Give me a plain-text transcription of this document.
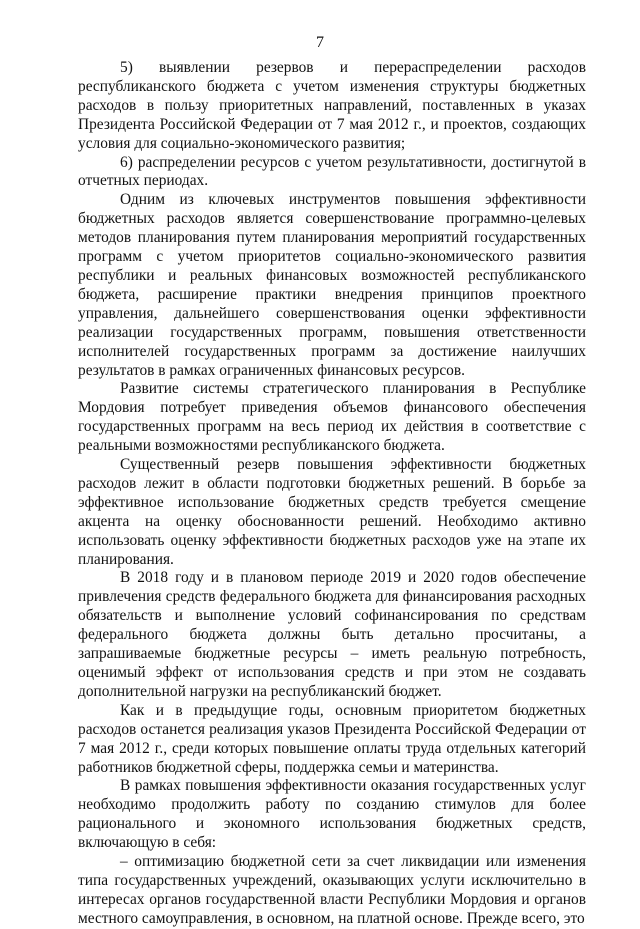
7

5) выявлении резервов и перераспределении расходов республиканского бюджета с учетом изменения структуры бюджетных расходов в пользу приоритетных направлений, поставленных в указах Президента Российской Федерации от 7 мая 2012 г., и проектов, создающих условия для социально-экономического развития;

6) распределении ресурсов с учетом результативности, достигнутой в отчетных периодах.

Одним из ключевых инструментов повышения эффективности бюджетных расходов является совершенствование программно-целевых методов планирования путем планирования мероприятий государственных программ с учетом приоритетов социально-экономического развития республики и реальных финансовых возможностей республиканского бюджета, расширение практики внедрения принципов проектного управления, дальнейшего совершенствования оценки эффективности реализации государственных программ, повышения ответственности исполнителей государственных программ за достижение наилучших результатов в рамках ограниченных финансовых ресурсов.

Развитие системы стратегического планирования в Республике Мордовия потребует приведения объемов финансового обеспечения государственных программ на весь период их действия в соответствие с реальными возможностями республиканского бюджета.

Существенный резерв повышения эффективности бюджетных расходов лежит в области подготовки бюджетных решений. В борьбе за эффективное использование бюджетных средств требуется смещение акцента на оценку обоснованности решений. Необходимо активно использовать оценку эффективности бюджетных расходов уже на этапе их планирования.

В 2018 году и в плановом периоде 2019 и 2020 годов обеспечение привлечения средств федерального бюджета для финансирования расходных обязательств и выполнение условий софинансирования по средствам федерального бюджета должны быть детально просчитаны, а запрашиваемые бюджетные ресурсы – иметь реальную потребность, оценимый эффект от использования средств и при этом не создавать дополнительной нагрузки на республиканский бюджет.

Как и в предыдущие годы, основным приоритетом бюджетных расходов останется реализация указов Президента Российской Федерации от 7 мая 2012 г., среди которых повышение оплаты труда отдельных категорий работников бюджетной сферы, поддержка семьи и материнства.

В рамках повышения эффективности оказания государственных услуг необходимо продолжить работу по созданию стимулов для более рационального и экономного использования бюджетных средств, включающую в себя:

– оптимизацию бюджетной сети за счет ликвидации или изменения типа государственных учреждений, оказывающих услуги исключительно в интересах органов государственной власти Республики Мордовия и органов местного самоуправления, в основном, на платной основе. Прежде всего, это
